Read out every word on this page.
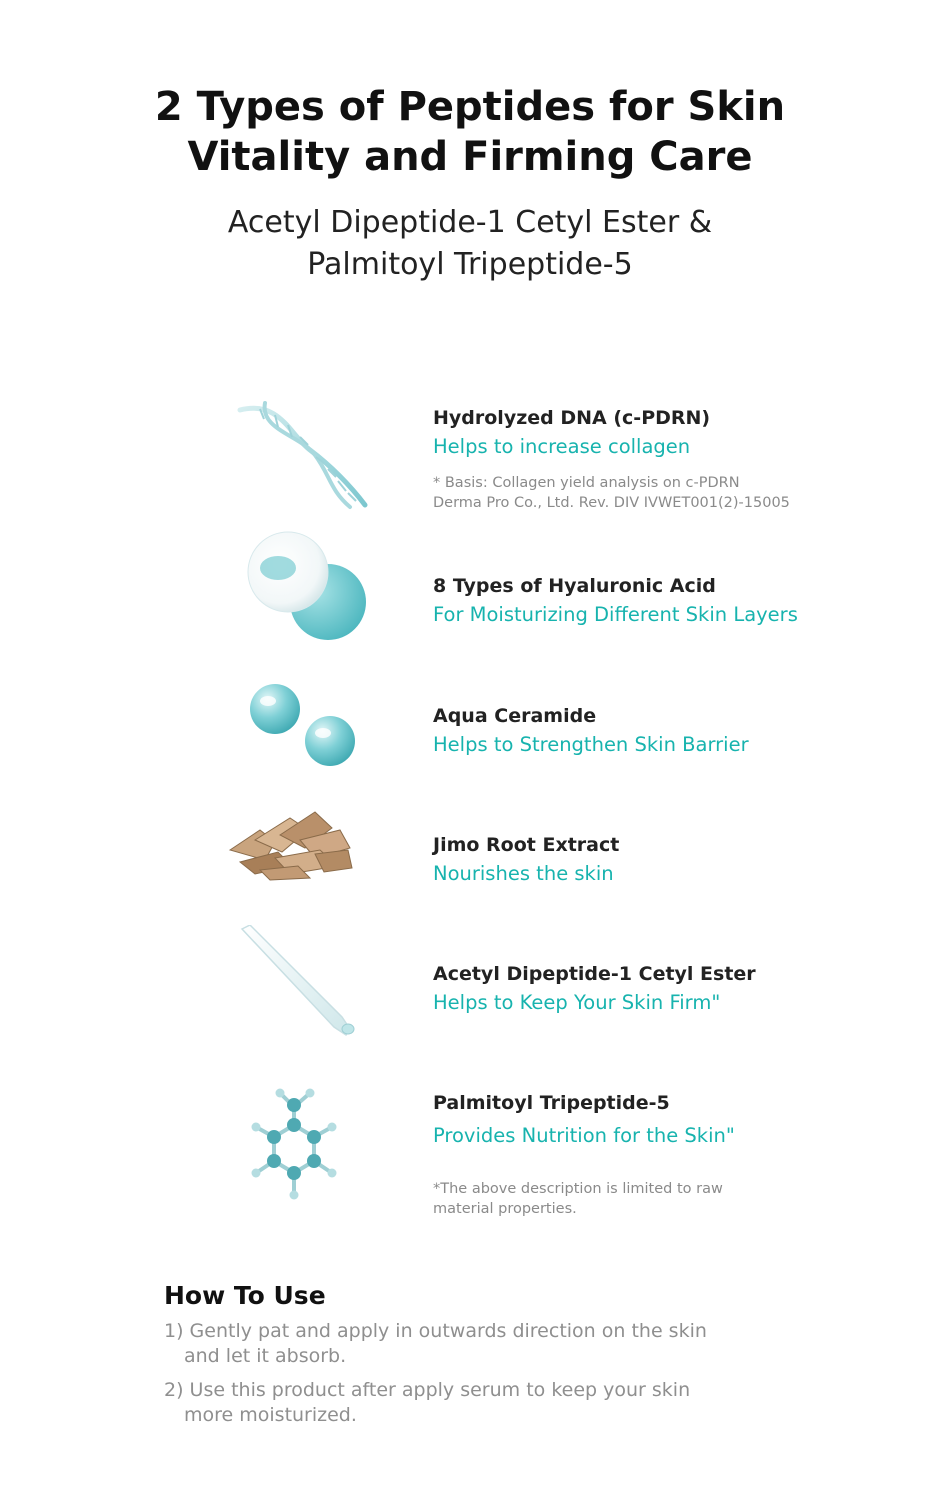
2 Types of Peptides for Skin
Vitality and Firming Care
Acetyl Dipeptide-1 Cetyl Ester &
Palmitoyl Tripeptide-5
Hydrolyzed DNA (c-PDRN)
Helps to increase collagen
* Basis: Collagen yield analysis on c-PDRN
Derma Pro Co., Ltd. Rev. DIV IVWET001(2)-15005
8 Types of Hyaluronic Acid
For Moisturizing Different Skin Layers
Aqua Ceramide
Helps to Strengthen Skin Barrier
Jimo Root Extract
Nourishes the skin
Acetyl Dipeptide-1 Cetyl Ester
Helps to Keep Your Skin Firm"
Palmitoyl Tripeptide-5
Provides Nutrition for the Skin"
*The above description is limited to raw
material properties.
How To Use
1) Gently pat and apply in outwards direction on the skin
and let it absorb.
2) Use this product after apply serum to keep your skin
more moisturized.
